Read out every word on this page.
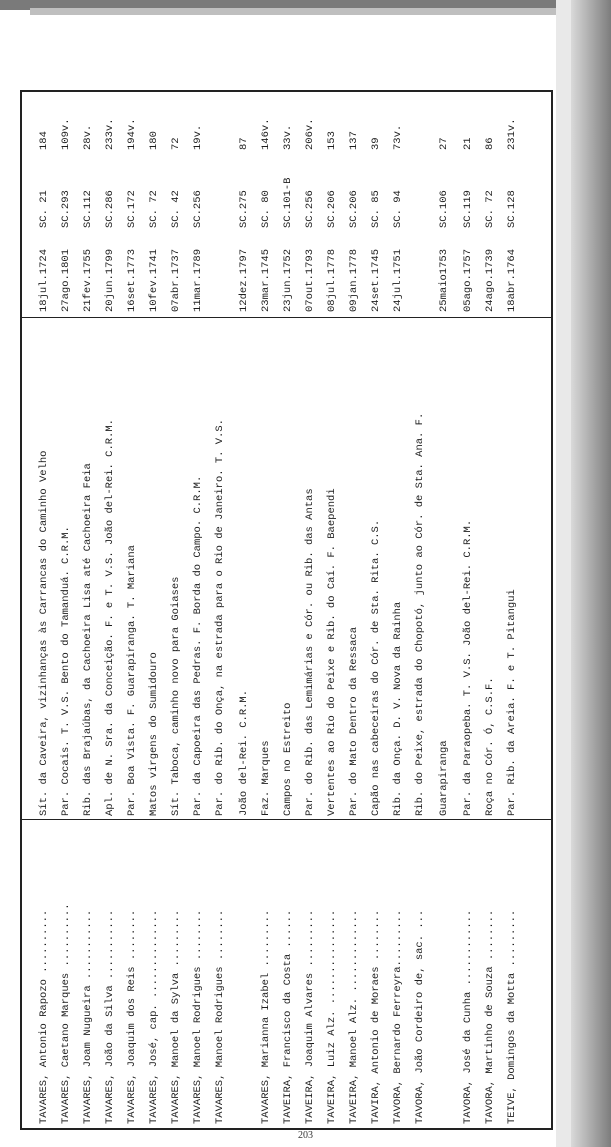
TAVARES, Antonio Rapozo ..........
Sít. da Caveira, vizinhanças às Carrancas do Caminho Velho
18jul.1724
SC. 21
184
TAVARES, Caetano Marques ..........
Par. Cocais. T. V.S. Bento do Tamanduá. C.R.M.
27ago.1801
SC.293
109v.
TAVARES, Joam Nugueira ...........
Rib. das Brajaúbas, da Cachoeira Lisa até Cachoeira Feia
21fev.1755
SC.112
28v.
TAVARES, João da Silva ...........
Apl. de N. Sra. da Conceição. F. e T. V.S. João del-Rei. C.R.M.
20jun.1799
SC.286
233v.
TAVARES, Joaquim dos Reis ........
Par. Boa Vista. F. Guarapiranga. T. Mariana
16set.1773
SC.172
194v.
TAVARES, José, cap. ..............
Matos virgens do Sumidouro
10fev.1741
SC. 72
180
TAVARES, Manoel da Sylva .........
Sít. Taboca, caminho novo para Goiases
07abr.1737
SC. 42
72
TAVARES, Manoel Rodrigues ........
Par. da Capoeira das Pedras. F. Borda do Campo. C.R.M.
11mar.1789
SC.256
19v.
TAVARES, Manoel Rodrigues ........
Par. do Rib. do Onça, na estrada para o Rio de Janeiro. T. V.S.	João del-Rei. C.R.M.
12dez.1797
SC.275
87
TAVARES, Marianna Izabel .........
Faz. Marques
23mar.1745
SC. 80
146v.
TAVEIRA, Francisco da Costa ......
Campos no Estreito
23jun.1752
SC.101-B
33v.
TAVEIRA, Joaquim Alvares .........
Par. do Rib. das Lemimárias e Cór. ou Rib. das Antas
07out.1793
SC.256
206v.
TAVEIRA, Luiz Alz. ...............
Vertentes ao Rio do Peixe e Rib. do Caí. F. Baependi
08jul.1778
SC.206
153
TAVEIRA, Manoel Alz. .............
Par. do Mato Dentro da Ressaca
09jan.1778
SC.206
137
TAVIRA, Antonio de Moraes ........
Capão nas cabeceiras do Cór. de Sta. Rita. C.S.
24set.1745
SC. 85
39
TAVORA, Bernardo Ferreyra.........
Rib. da Onça. D. V. Nova da Rainha
24jul.1751
SC. 94
73v.
TAVORA, João Cordeiro de, sac. ...
Rib. do Peixe, estrada do Chopotó, junto ao Cór. de Sta. Ana. F.	Guarapiranga
25maio1753
SC.106
27
TAVORA, José da Cunha ............
Par. da Paraopeba. T. V.S. João del-Rei. C.R.M.
05ago.1757
SC.119
21
TAVORA, Martinho de Souza ........
Roça no Cór. Ó, C.S.F.
24ago.1739
SC. 72
86
TEIVE, Domingos da Motta .........
Par. Rib. da Areia. F. e T. Pitangui
18abr.1764
SC.128
231v.
203
